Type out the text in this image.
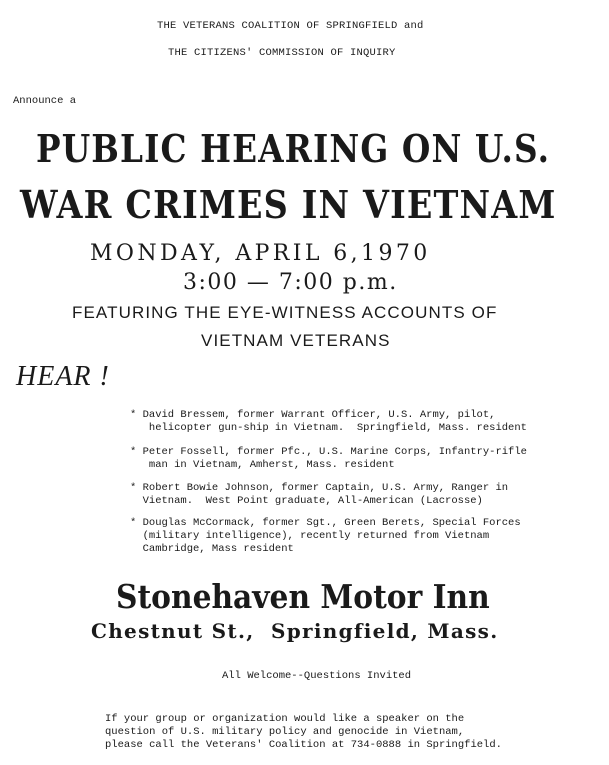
THE VETERANS COALITION OF SPRINGFIELD and
THE CITIZENS' COMMISSION OF INQUIRY
Announce a
PUBLIC HEARING ON U.S.
WAR CRIMES IN VIETNAM
MONDAY, APRIL 6,1970
3:00 — 7:00 p.m.
FEATURING THE EYE-WITNESS ACCOUNTS OF
VIETNAM VETERANS
HEAR !
* David Bressem, former Warrant Officer, U.S. Army, pilot,
helicopter gun-ship in Vietnam.  Springfield, Mass. resident
* Peter Fossell, former Pfc., U.S. Marine Corps, Infantry-rifle
man in Vietnam, Amherst, Mass. resident
* Robert Bowie Johnson, former Captain, U.S. Army, Ranger in
Vietnam.  West Point graduate, All-American (Lacrosse)
* Douglas McCormack, former Sgt., Green Berets, Special Forces
(military intelligence), recently returned from Vietnam
Cambridge, Mass resident
Stonehaven Motor Inn
Chestnut St.,  Springfield, Mass.
All Welcome--Questions Invited
If your group or organization would like a speaker on the
question of U.S. military policy and genocide in Vietnam,
please call the Veterans' Coalition at 734-0888 in Springfield.
